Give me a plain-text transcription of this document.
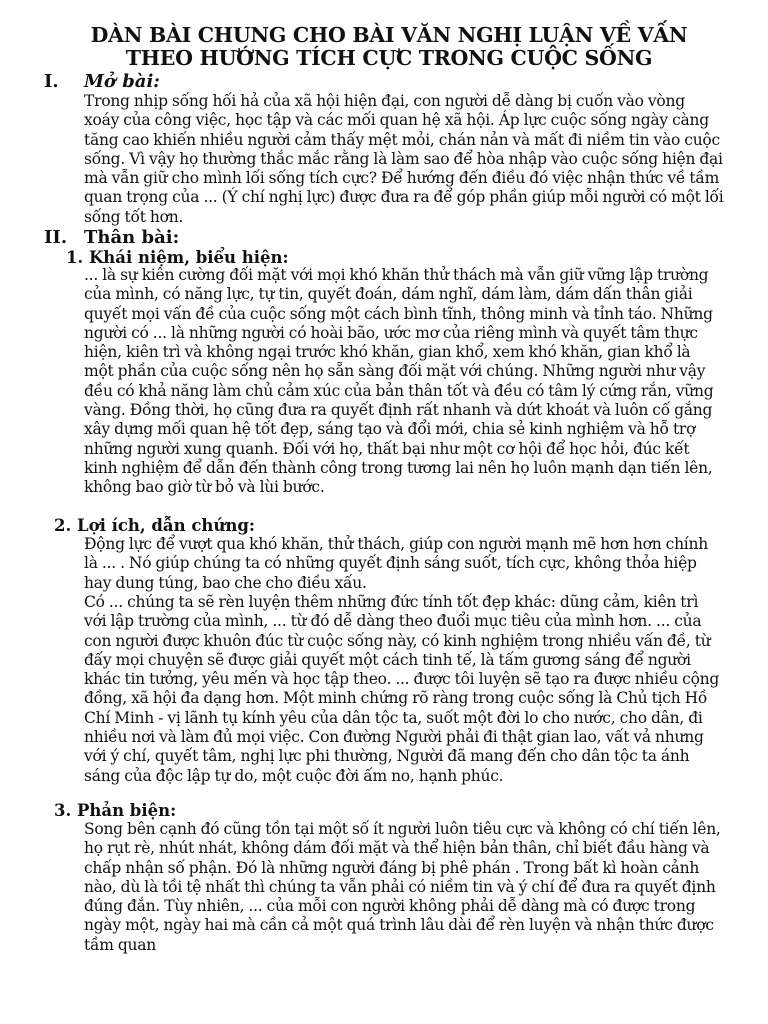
DÀN BÀI CHUNG CHO BÀI VĂN NGHỊ LUẬN VỀ VẤN THEO HƯỚNG TÍCH CỰC TRONG CUỘC SỐNG
I. Mở bài:
Trong nhịp sống hối hả của xã hội hiện đại, con người dễ dàng bị cuốn vào vòng xoáy của công việc, học tập và các mối quan hệ xã hội. Áp lực cuộc sống ngày càng tăng cao khiến nhiều người cảm thấy mệt mỏi, chán nản và mất đi niềm tin vào cuộc sống. Vì vậy họ thường thắc mắc rằng là làm sao để hòa nhập vào cuộc sống hiện đại mà vẫn giữ cho mình lối sống tích cực? Để hướng đến điều đó việc nhận thức về tầm quan trọng của ... (Ý chí nghị lực) được đưa ra để góp phần giúp mỗi người có một lối sống tốt hơn.
II. Thân bài:
1. Khái niệm, biểu hiện:
... là sự kiên cường đối mặt với mọi khó khăn thử thách mà vẫn giữ vững lập trường của mình, có năng lực, tự tin, quyết đoán, dám nghĩ, dám làm, dám dấn thân giải quyết mọi vấn đề của cuộc sống một cách bình tĩnh, thông minh và tỉnh táo. Những người có ... là những người có hoài bão, ước mơ của riêng mình và quyết tâm thực hiện, kiên trì và không ngại trước khó khăn, gian khổ, xem khó khăn, gian khổ là một phần của cuộc sống nên họ sẵn sàng đối mặt với chúng. Những người như vậy đều có khả năng làm chủ cảm xúc của bản thân tốt và đều có tâm lý cứng rắn, vững vàng. Đồng thời, họ cũng đưa ra quyết định rất nhanh và dứt khoát và luôn cố gắng xây dựng mối quan hệ tốt đẹp, sáng tạo và đổi mới, chia sẻ kinh nghiệm và hỗ trợ những người xung quanh. Đối với họ, thất bại như một cơ hội để học hỏi, đúc kết kinh nghiệm để dẫn đến thành công trong tương lai nên họ luôn mạnh dạn tiến lên, không bao giờ từ bỏ và lùi bước.
2. Lợi ích, dẫn chứng:
Động lực để vượt qua khó khăn, thử thách, giúp con người mạnh mẽ hơn hơn chính là ... . Nó giúp chúng ta có những quyết định sáng suốt, tích cực, không thỏa hiệp hay dung túng, bao che cho điều xấu.
Có ... chúng ta sẽ rèn luyện thêm những đức tính tốt đẹp khác: dũng cảm, kiên trì với lập trường của mình, ... từ đó dễ dàng theo đuổi mục tiêu của mình hơn. ... của con người được khuôn đúc từ cuộc sống này, có kinh nghiệm trong nhiều vấn đề, từ đấy mọi chuyện sẽ được giải quyết một cách tinh tế, là tấm gương sáng để người khác tin tưởng, yêu mến và học tập theo. ... được tôi luyện sẽ tạo ra được nhiều cộng đồng, xã hội đa dạng hơn. Một minh chứng rõ ràng trong cuộc sống là Chủ tịch Hồ Chí Minh - vị lãnh tụ kính yêu của dân tộc ta, suốt một đời lo cho nước, cho dân, đi nhiều nơi và làm đủ mọi việc. Con đường Người phải đi thật gian lao, vất vả nhưng với ý chí, quyết tâm, nghị lực phi thường, Người đã mang đến cho dân tộc ta ánh sáng của độc lập tự do, một cuộc đời ấm no, hạnh phúc.
3. Phản biện:
Song bên cạnh đó cũng tồn tại một số ít người luôn tiêu cực và không có chí tiến lên, họ rụt rè, nhút nhát, không dám đối mặt và thể hiện bản thân, chỉ biết đầu hàng và chấp nhận số phận. Đó là những người đáng bị phê phán . Trong bất kì hoàn cảnh nào, dù là tồi tệ nhất thì chúng ta vẫn phải có niềm tin và ý chí để đưa ra quyết định đúng đắn. Tùy nhiên, ... của mỗi con người không phải dễ dàng mà có được trong ngày một, ngày hai mà cần cả một quá trình lâu dài để rèn luyện và nhận thức được tầm quan
